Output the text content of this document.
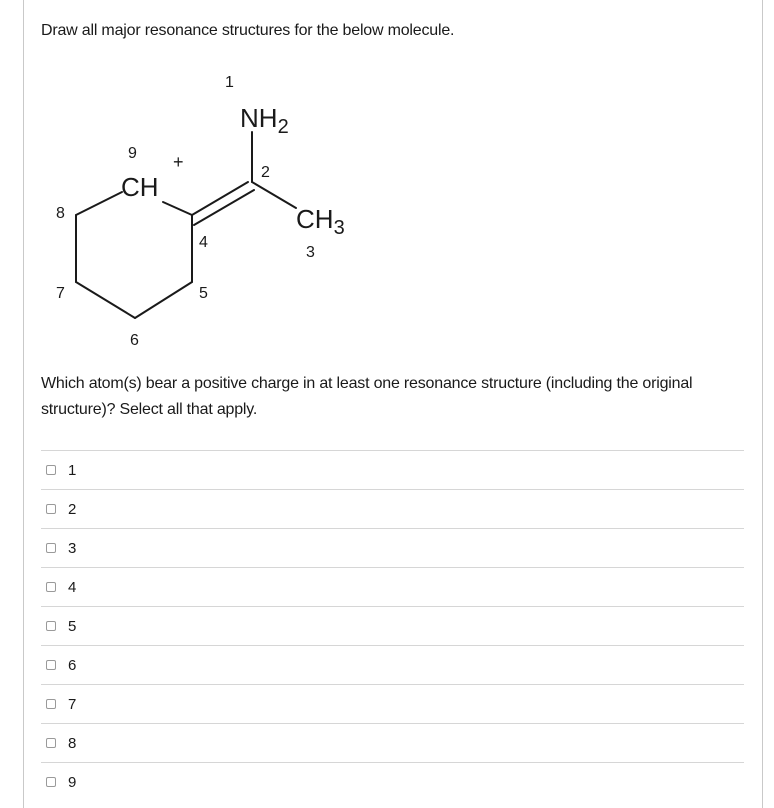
Draw all major resonance structures for the below molecule.
$NH_2$
CH
+
$CH_3$
1
2
3
4
5
6
7
8
9
Which atom(s) bear a positive charge in at least one resonance structure (including the original structure)? Select all that apply.
1
2
3
4
5
6
7
8
9
